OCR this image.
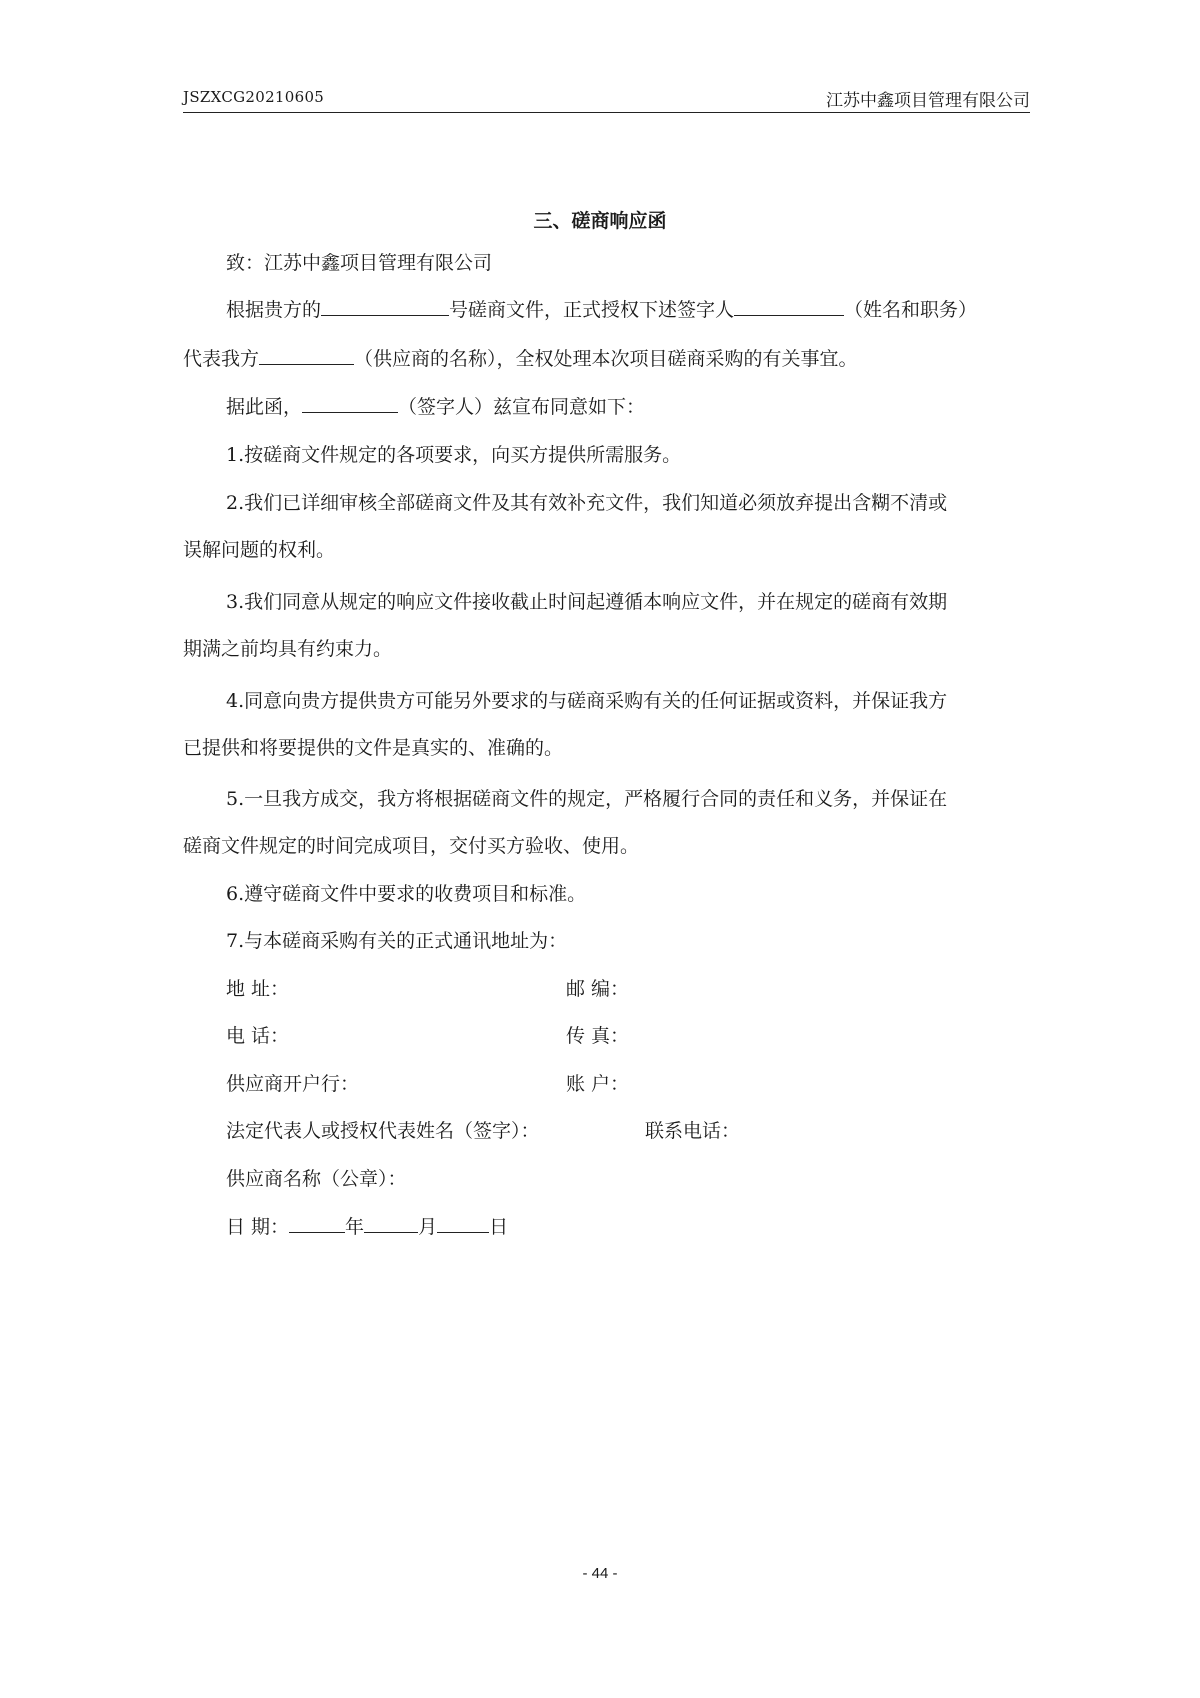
JSZXCG20210605	江苏中鑫项目管理有限公司
三、磋商响应函
致：江苏中鑫项目管理有限公司
根据贵方的	号磋商文件，正式授权下述签字人	（姓名和职务）
代表我方	（供应商的名称），全权处理本次项目磋商采购的有关事宜。
据此函，	（签字人）兹宣布同意如下：
1.按磋商文件规定的各项要求，向买方提供所需服务。
2.我们已详细审核全部磋商文件及其有效补充文件，我们知道必须放弃提出含糊不清或
误解问题的权利。
3.我们同意从规定的响应文件接收截止时间起遵循本响应文件，并在规定的磋商有效期
期满之前均具有约束力。
4.同意向贵方提供贵方可能另外要求的与磋商采购有关的任何证据或资料，并保证我方
已提供和将要提供的文件是真实的、准确的。
5.一旦我方成交，我方将根据磋商文件的规定，严格履行合同的责任和义务，并保证在
磋商文件规定的时间完成项目，交付买方验收、使用。
6.遵守磋商文件中要求的收费项目和标准。
7.与本磋商采购有关的正式通讯地址为：
地 址：	邮 编：
电 话：	传 真：
供应商开户行：	账 户：
法定代表人或授权代表姓名（签字）：	联系电话：
供应商名称（公章）：
日 期：	年	月	日
- 44 -
